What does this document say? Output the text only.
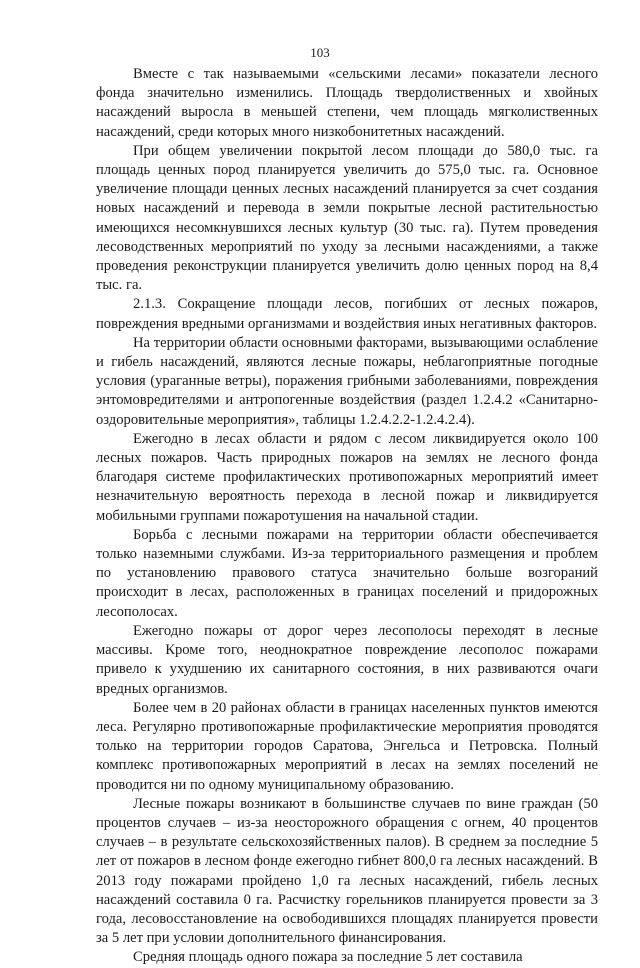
103

Вместе с так называемыми «сельскими лесами» показатели лесного фонда значительно изменились. Площадь твердолиственных и хвойных насаждений выросла в меньшей степени, чем площадь мягколиственных насаждений, среди которых много низкобонитетных насаждений.

При общем увеличении покрытой лесом площади до 580,0 тыс. га площадь ценных пород планируется увеличить до 575,0 тыс. га. Основное увеличение площади ценных лесных насаждений планируется за счет создания новых насаждений и перевода в земли покрытые лесной растительностью имеющихся несомкнувшихся лесных культур (30 тыс. га). Путем проведения лесоводственных мероприятий по уходу за лесными насаждениями, а также проведения реконструкции планируется увеличить долю ценных пород на 8,4 тыс. га.

2.1.3. Сокращение площади лесов, погибших от лесных пожаров, повреждения вредными организмами и воздействия иных негативных факторов.

На территории области основными факторами, вызывающими ослабление и гибель насаждений, являются лесные пожары, неблагоприятные погодные условия (ураганные ветры), поражения грибными заболеваниями, повреждения энтомовредителями и антропогенные воздействия (раздел 1.2.4.2 «Санитарно-оздоровительные мероприятия», таблицы 1.2.4.2.2-1.2.4.2.4).

Ежегодно в лесах области и рядом с лесом ликвидируется около 100 лесных пожаров. Часть природных пожаров на землях не лесного фонда благодаря системе профилактических противопожарных мероприятий имеет незначительную вероятность перехода в лесной пожар и ликвидируется мобильными группами пожаротушения на начальной стадии.

Борьба с лесными пожарами на территории области обеспечивается только наземными службами. Из-за территориального размещения и проблем по установлению правового статуса значительно больше возгораний происходит в лесах, расположенных в границах поселений и придорожных лесополосах.

Ежегодно пожары от дорог через лесополосы переходят в лесные массивы. Кроме того, неоднократное повреждение лесополос пожарами привело к ухудшению их санитарного состояния, в них развиваются очаги вредных организмов.

Более чем в 20 районах области в границах населенных пунктов имеются леса. Регулярно противопожарные профилактические мероприятия проводятся только на территории городов Саратова, Энгельса и Петровска. Полный комплекс противопожарных мероприятий в лесах на землях поселений не проводится ни по одному муниципальному образованию.

Лесные пожары возникают в большинстве случаев по вине граждан (50 процентов случаев – из-за неосторожного обращения с огнем, 40 процентов случаев – в результате сельскохозяйственных палов). В среднем за последние 5 лет от пожаров в лесном фонде ежегодно гибнет 800,0 га лесных насаждений. В 2013 году пожарами пройдено 1,0 га лесных насаждений, гибель лесных насаждений составила 0 га. Расчистку горельников планируется провести за 3 года, лесовосстановление на освободившихся площадях планируется провести за 5 лет при условии дополнительного финансирования.

Средняя площадь одного пожара за последние 5 лет составила
